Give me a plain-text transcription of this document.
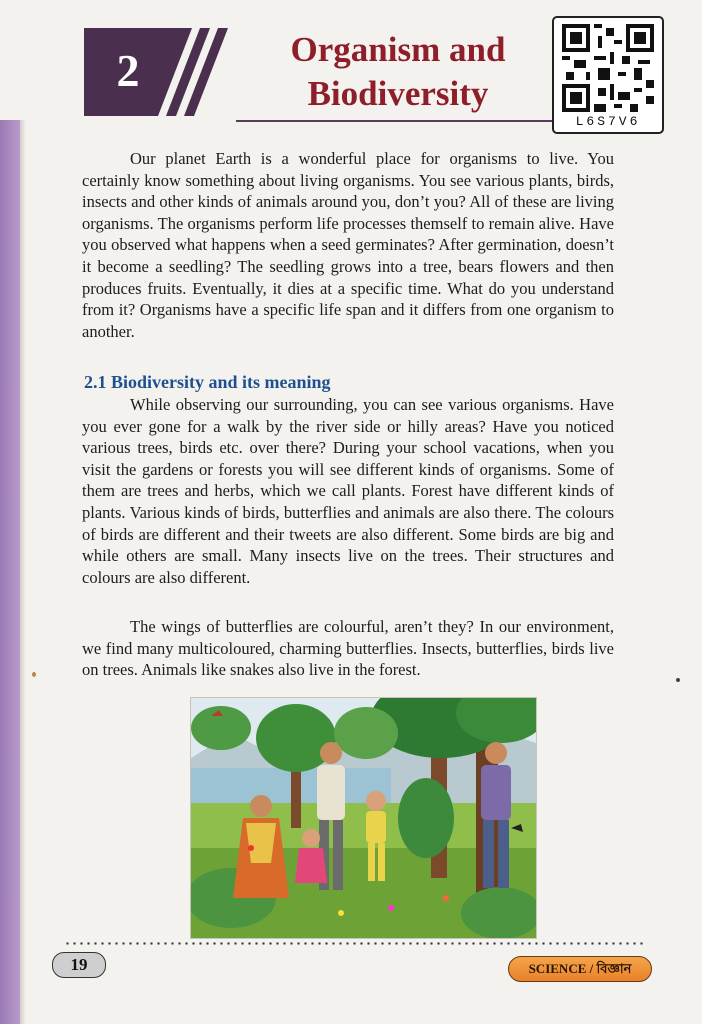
2	Organism and
Biodiversity
L6S7V6

Our planet Earth is a wonderful place for organisms to live. You certainly know something about living organisms. You see various plants, birds, insects and other kinds of animals around you, don’t you? All of these are living organisms. The organisms perform life processes themself to remain alive. Have you observed what happens when a seed germinates? After germination, doesn’t it become a seedling? The seedling grows into a tree, bears flowers and then produces fruits. Eventually, it dies at a specific time. What do you understand from it? Organisms have a specific life span and it differs from one organism to another.

2.1 Biodiversity and its meaning

While observing our surrounding, you can see various organisms. Have you ever gone for a walk by the river side or hilly areas? Have you noticed various trees, birds etc. over there? During your school vacations, when you visit the gardens or forests you will see different kinds of organisms. Some of them are trees and herbs, which we call plants. Forest have different kinds of plants. Various kinds of birds, butterflies and animals are also there. The colours of birds are different and their tweets are also different. Some birds are big and while others are small. Many insects live on the trees. Their structures and colours are also different.

The wings of butterflies are colourful, aren’t they? In our environment, we find many multicoloured, charming butterflies. Insects, butterflies, birds live on trees. Animals like snakes also live in the forest.

19	SCIENCE / বিজ্ঞান
